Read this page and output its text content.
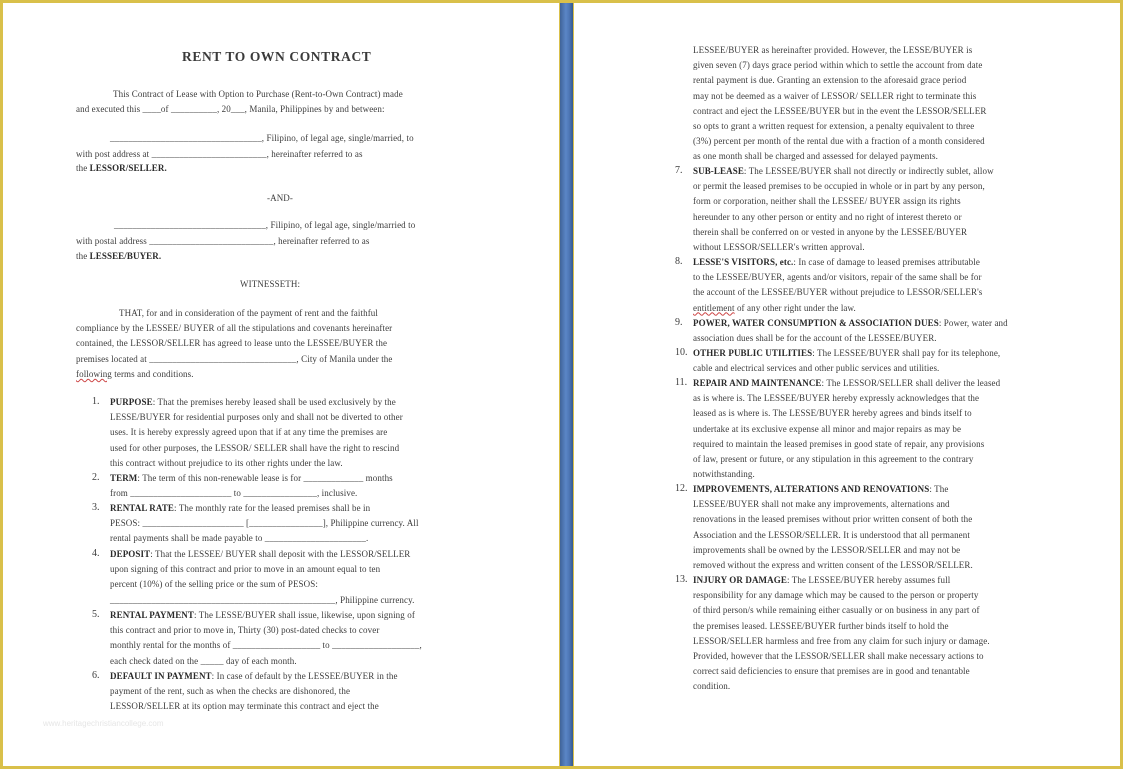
RENT TO OWN CONTRACT
This Contract of Lease with Option to Purchase (Rent-to-Own Contract) made
and executed this ____of __________, 20___, Manila, Philippines by and between:
_________________________________, Filipino, of legal age, single/married, to
with post address at _________________________, hereinafter referred to as
the LESSOR/SELLER.
-AND-
_________________________________, Filipino, of legal age, single/married to
with postal address ___________________________, hereinafter referred to as
the LESSEE/BUYER.
WITNESSETH:
THAT, for and in consideration of the payment of rent and the faithful
compliance by the LESSEE/ BUYER of all the stipulations and covenants hereinafter
contained, the LESSOR/SELLER has agreed to lease unto the LESSEE/BUYER the
premises located at ________________________________, City of Manila under the
following terms and conditions.
www.heritagechristiancollege.com
1. PURPOSE: That the premises hereby leased shall be used exclusively by the
LESSE/BUYER for residential purposes only and shall not be diverted to other
uses. It is hereby expressly agreed upon that if at any time the premises are
used for other purposes, the LESSOR/ SELLER shall have the right to rescind
this contract without prejudice to its other rights under the law.
2. TERM: The term of this non-renewable lease is for _____________ months
from ______________________ to ________________, inclusive.
3. RENTAL RATE: The monthly rate for the leased premises shall be in
PESOS: ______________________ [________________], Philippine currency. All
rental payments shall be made payable to ______________________.
4. DEPOSIT: That the LESSEE/ BUYER shall deposit with the LESSOR/SELLER
upon signing of this contract and prior to move in an amount equal to ten
percent (10%) of the selling price or the sum of PESOS:
_________________________________________________, Philippine currency.
5. RENTAL PAYMENT: The LESSE/BUYER shall issue, likewise, upon signing of
this contract and prior to move in, Thirty (30) post-dated checks to cover
monthly rental for the months of ___________________ to ___________________,
each check dated on the _____ day of each month.
6. DEFAULT IN PAYMENT: In case of default by the LESSEE/BUYER in the
payment of the rent, such as when the checks are dishonored, the
LESSOR/SELLER at its option may terminate this contract and eject the
LESSEE/BUYER as hereinafter provided. However, the LESSE/BUYER is
given seven (7) days grace period within which to settle the account from date
rental payment is due. Granting an extension to the aforesaid grace period
may not be deemed as a waiver of LESSOR/ SELLER right to terminate this
contract and eject the LESSEE/BUYER but in the event the LESSOR/SELLER
so opts to grant a written request for extension, a penalty equivalent to three
(3%) percent per month of the rental due with a fraction of a month considered
as one month shall be charged and assessed for delayed payments.
7. SUB-LEASE: The LESSEE/BUYER shall not directly or indirectly sublet, allow
or permit the leased premises to be occupied in whole or in part by any person,
form or corporation, neither shall the LESSEE/ BUYER assign its rights
hereunder to any other person or entity and no right of interest thereto or
therein shall be conferred on or vested in anyone by the LESSEE/BUYER
without LESSOR/SELLER's written approval.
8. LESSE'S VISITORS, etc.: In case of damage to leased premises attributable
to the LESSEE/BUYER, agents and/or visitors, repair of the same shall be for
the account of the LESSEE/BUYER without prejudice to LESSOR/SELLER's
entitlement of any other right under the law.
9. POWER, WATER CONSUMPTION & ASSOCIATION DUES: Power, water and
association dues shall be for the account of the LESSEE/BUYER.
10. OTHER PUBLIC UTILITIES: The LESSEE/BUYER shall pay for its telephone,
cable and electrical services and other public services and utilities.
11. REPAIR AND MAINTENANCE: The LESSOR/SELLER shall deliver the leased
as is where is. The LESSEE/BUYER hereby expressly acknowledges that the
leased as is where is. The LESSE/BUYER hereby agrees and binds itself to
undertake at its exclusive expense all minor and major repairs as may be
required to maintain the leased premises in good state of repair, any provisions
of law, present or future, or any stipulation in this agreement to the contrary
notwithstanding.
12. IMPROVEMENTS, ALTERATIONS AND RENOVATIONS: The
LESSEE/BUYER shall not make any improvements, alternations and
renovations in the leased premises without prior written consent of both the
Association and the LESSOR/SELLER. It is understood that all permanent
improvements shall be owned by the LESSOR/SELLER and may not be
removed without the express and written consent of the LESSOR/SELLER.
13. INJURY OR DAMAGE: The LESSEE/BUYER hereby assumes full
responsibility for any damage which may be caused to the person or property
of third person/s while remaining either casually or on business in any part of
the premises leased. LESSEE/BUYER further binds itself to hold the
LESSOR/SELLER harmless and free from any claim for such injury or damage.
Provided, however that the LESSOR/SELLER shall make necessary actions to
correct said deficiencies to ensure that premises are in good and tenantable
condition.
